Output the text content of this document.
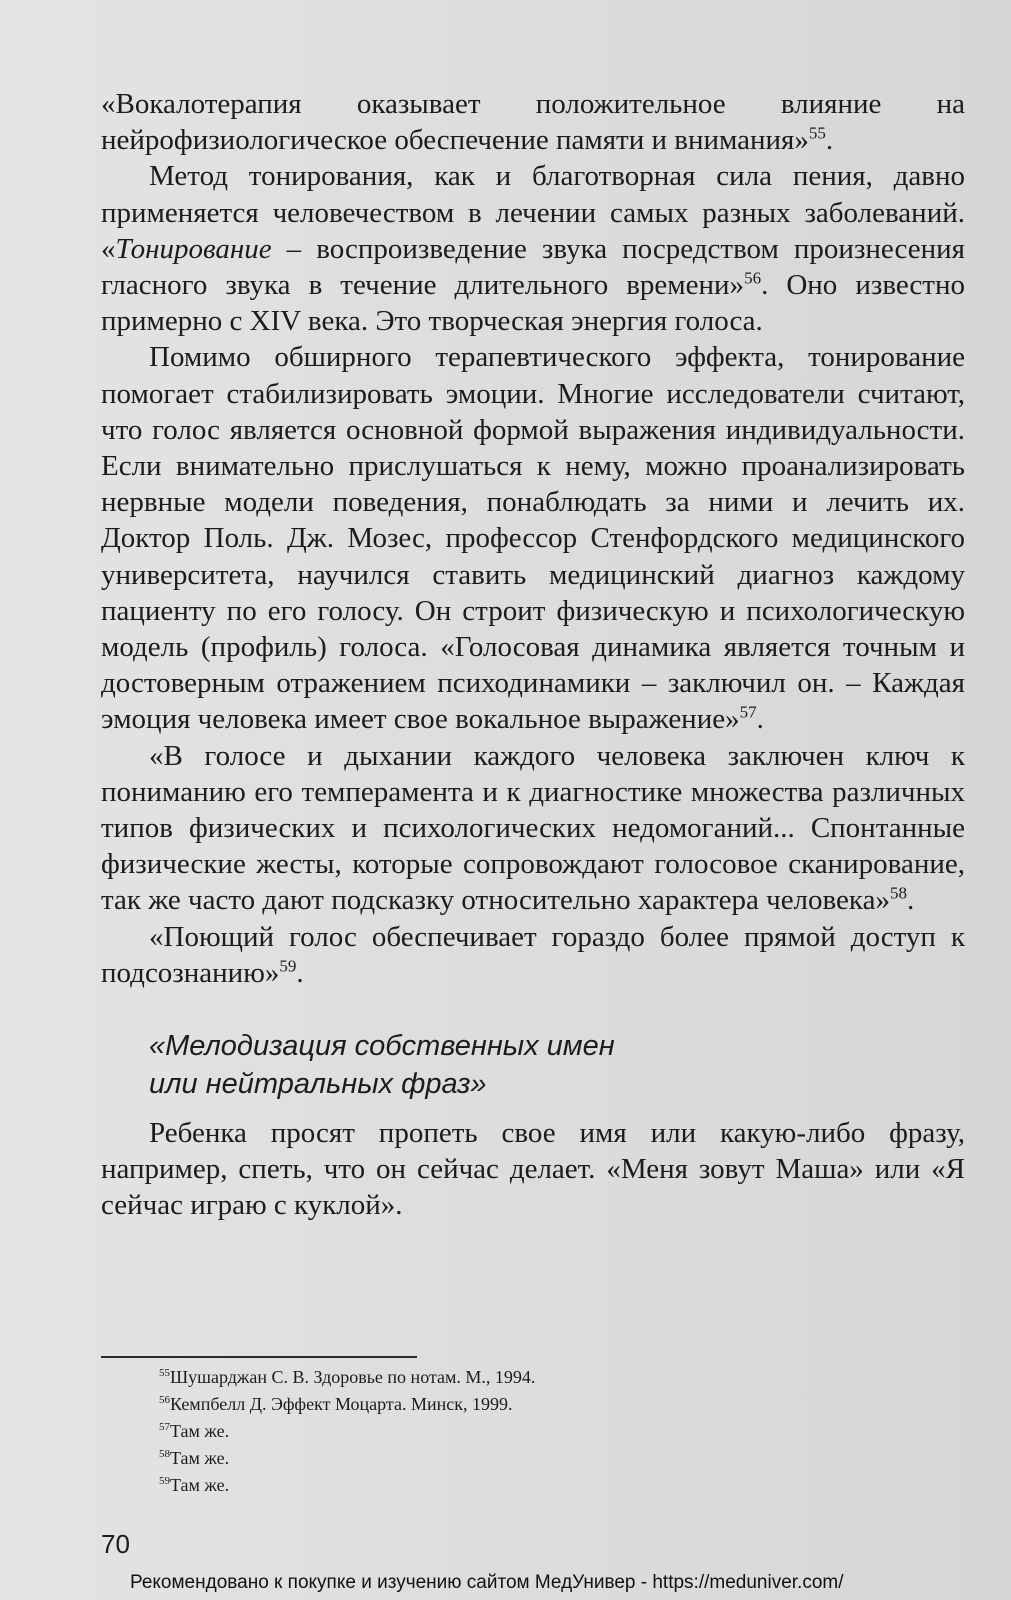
«Вокалотерапия оказывает положительное влияние на нейрофизиологическое обеспечение памяти и внимания»$^{55}$.

Метод тонирования, как и благотворная сила пения, давно применяется человечеством в лечении самых разных заболеваний. «Тонирование – воспроизведение звука посредством произнесения гласного звука в течение длительного времени»$^{56}$. Оно известно примерно с XIV века. Это творческая энергия голоса.

Помимо обширного терапевтического эффекта, тонирование помогает стабилизировать эмоции. Многие исследователи считают, что голос является основной формой выражения индивидуальности. Если внимательно прислушаться к нему, можно проанализировать нервные модели поведения, понаблюдать за ними и лечить их. Доктор Поль. Дж. Мозес, профессор Стенфордского медицинского университета, научился ставить медицинский диагноз каждому пациенту по его голосу. Он строит физическую и психологическую модель (профиль) голоса. «Голосовая динамика является точным и достоверным отражением психодинамики – заключил он. – Каждая эмоция человека имеет свое вокальное выражение»$^{57}$.

«В голосе и дыхании каждого человека заключен ключ к пониманию его темперамента и к диагностике множества различных типов физических и психологических недомоганий... Спонтанные физические жесты, которые сопровождают голосовое сканирование, так же часто дают подсказку относительно характера человека»$^{58}$.

«Поющий голос обеспечивает гораздо более прямой доступ к подсознанию»$^{59}$.

«Мелодизация собственных имен
или нейтральных фраз»

Ребенка просят пропеть свое имя или какую-либо фразу, например, спеть, что он сейчас делает. «Меня зовут Маша» или «Я сейчас играю с куклой».

$^{55}$Шушарджан С. В. Здоровье по нотам. М., 1994.
$^{56}$Кемпбелл Д. Эффект Моцарта. Минск, 1999.
$^{57}$Там же.
$^{58}$Там же.
$^{59}$Там же.
70
Рекомендовано к покупке и изучению сайтом МедУнивер - https://meduniver.com/
